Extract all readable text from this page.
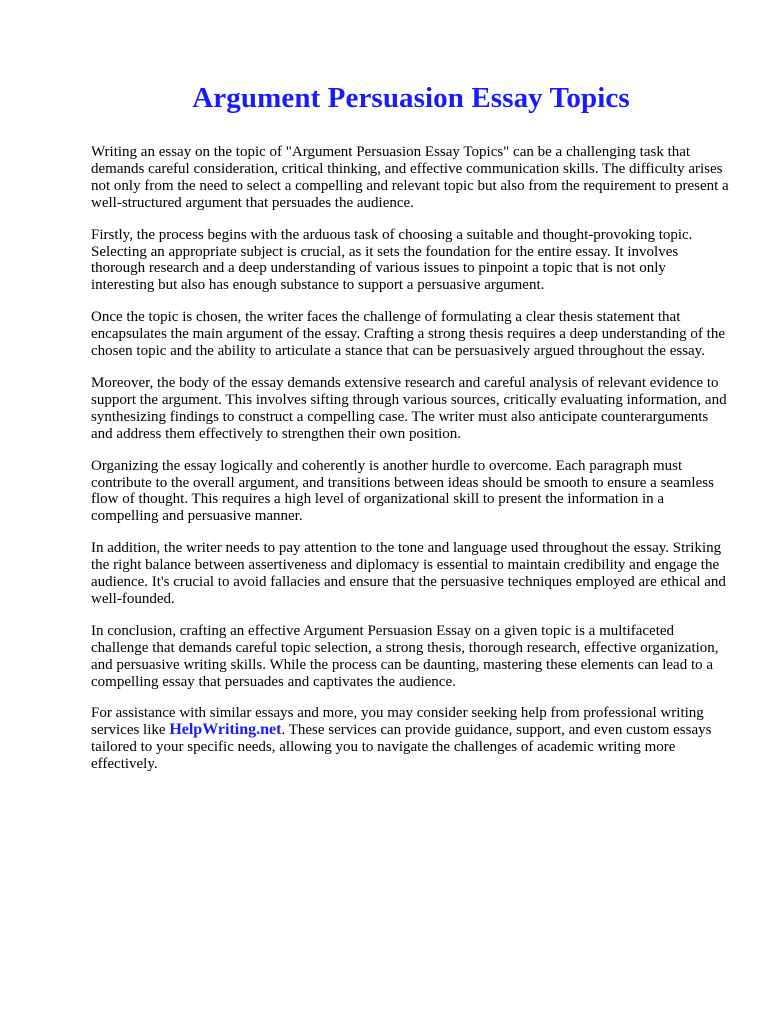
Argument Persuasion Essay Topics

Writing an essay on the topic of "Argument Persuasion Essay Topics" can be a challenging task that demands careful consideration, critical thinking, and effective communication skills. The difficulty arises not only from the need to select a compelling and relevant topic but also from the requirement to present a well-structured argument that persuades the audience.

Firstly, the process begins with the arduous task of choosing a suitable and thought-provoking topic. Selecting an appropriate subject is crucial, as it sets the foundation for the entire essay. It involves thorough research and a deep understanding of various issues to pinpoint a topic that is not only interesting but also has enough substance to support a persuasive argument.

Once the topic is chosen, the writer faces the challenge of formulating a clear thesis statement that encapsulates the main argument of the essay. Crafting a strong thesis requires a deep understanding of the chosen topic and the ability to articulate a stance that can be persuasively argued throughout the essay.

Moreover, the body of the essay demands extensive research and careful analysis of relevant evidence to support the argument. This involves sifting through various sources, critically evaluating information, and synthesizing findings to construct a compelling case. The writer must also anticipate counterarguments and address them effectively to strengthen their own position.

Organizing the essay logically and coherently is another hurdle to overcome. Each paragraph must contribute to the overall argument, and transitions between ideas should be smooth to ensure a seamless flow of thought. This requires a high level of organizational skill to present the information in a compelling and persuasive manner.

In addition, the writer needs to pay attention to the tone and language used throughout the essay. Striking the right balance between assertiveness and diplomacy is essential to maintain credibility and engage the audience. It's crucial to avoid fallacies and ensure that the persuasive techniques employed are ethical and well-founded.

In conclusion, crafting an effective Argument Persuasion Essay on a given topic is a multifaceted challenge that demands careful topic selection, a strong thesis, thorough research, effective organization, and persuasive writing skills. While the process can be daunting, mastering these elements can lead to a compelling essay that persuades and captivates the audience.

For assistance with similar essays and more, you may consider seeking help from professional writing services like HelpWriting.net. These services can provide guidance, support, and even custom essays tailored to your specific needs, allowing you to navigate the challenges of academic writing more effectively.
